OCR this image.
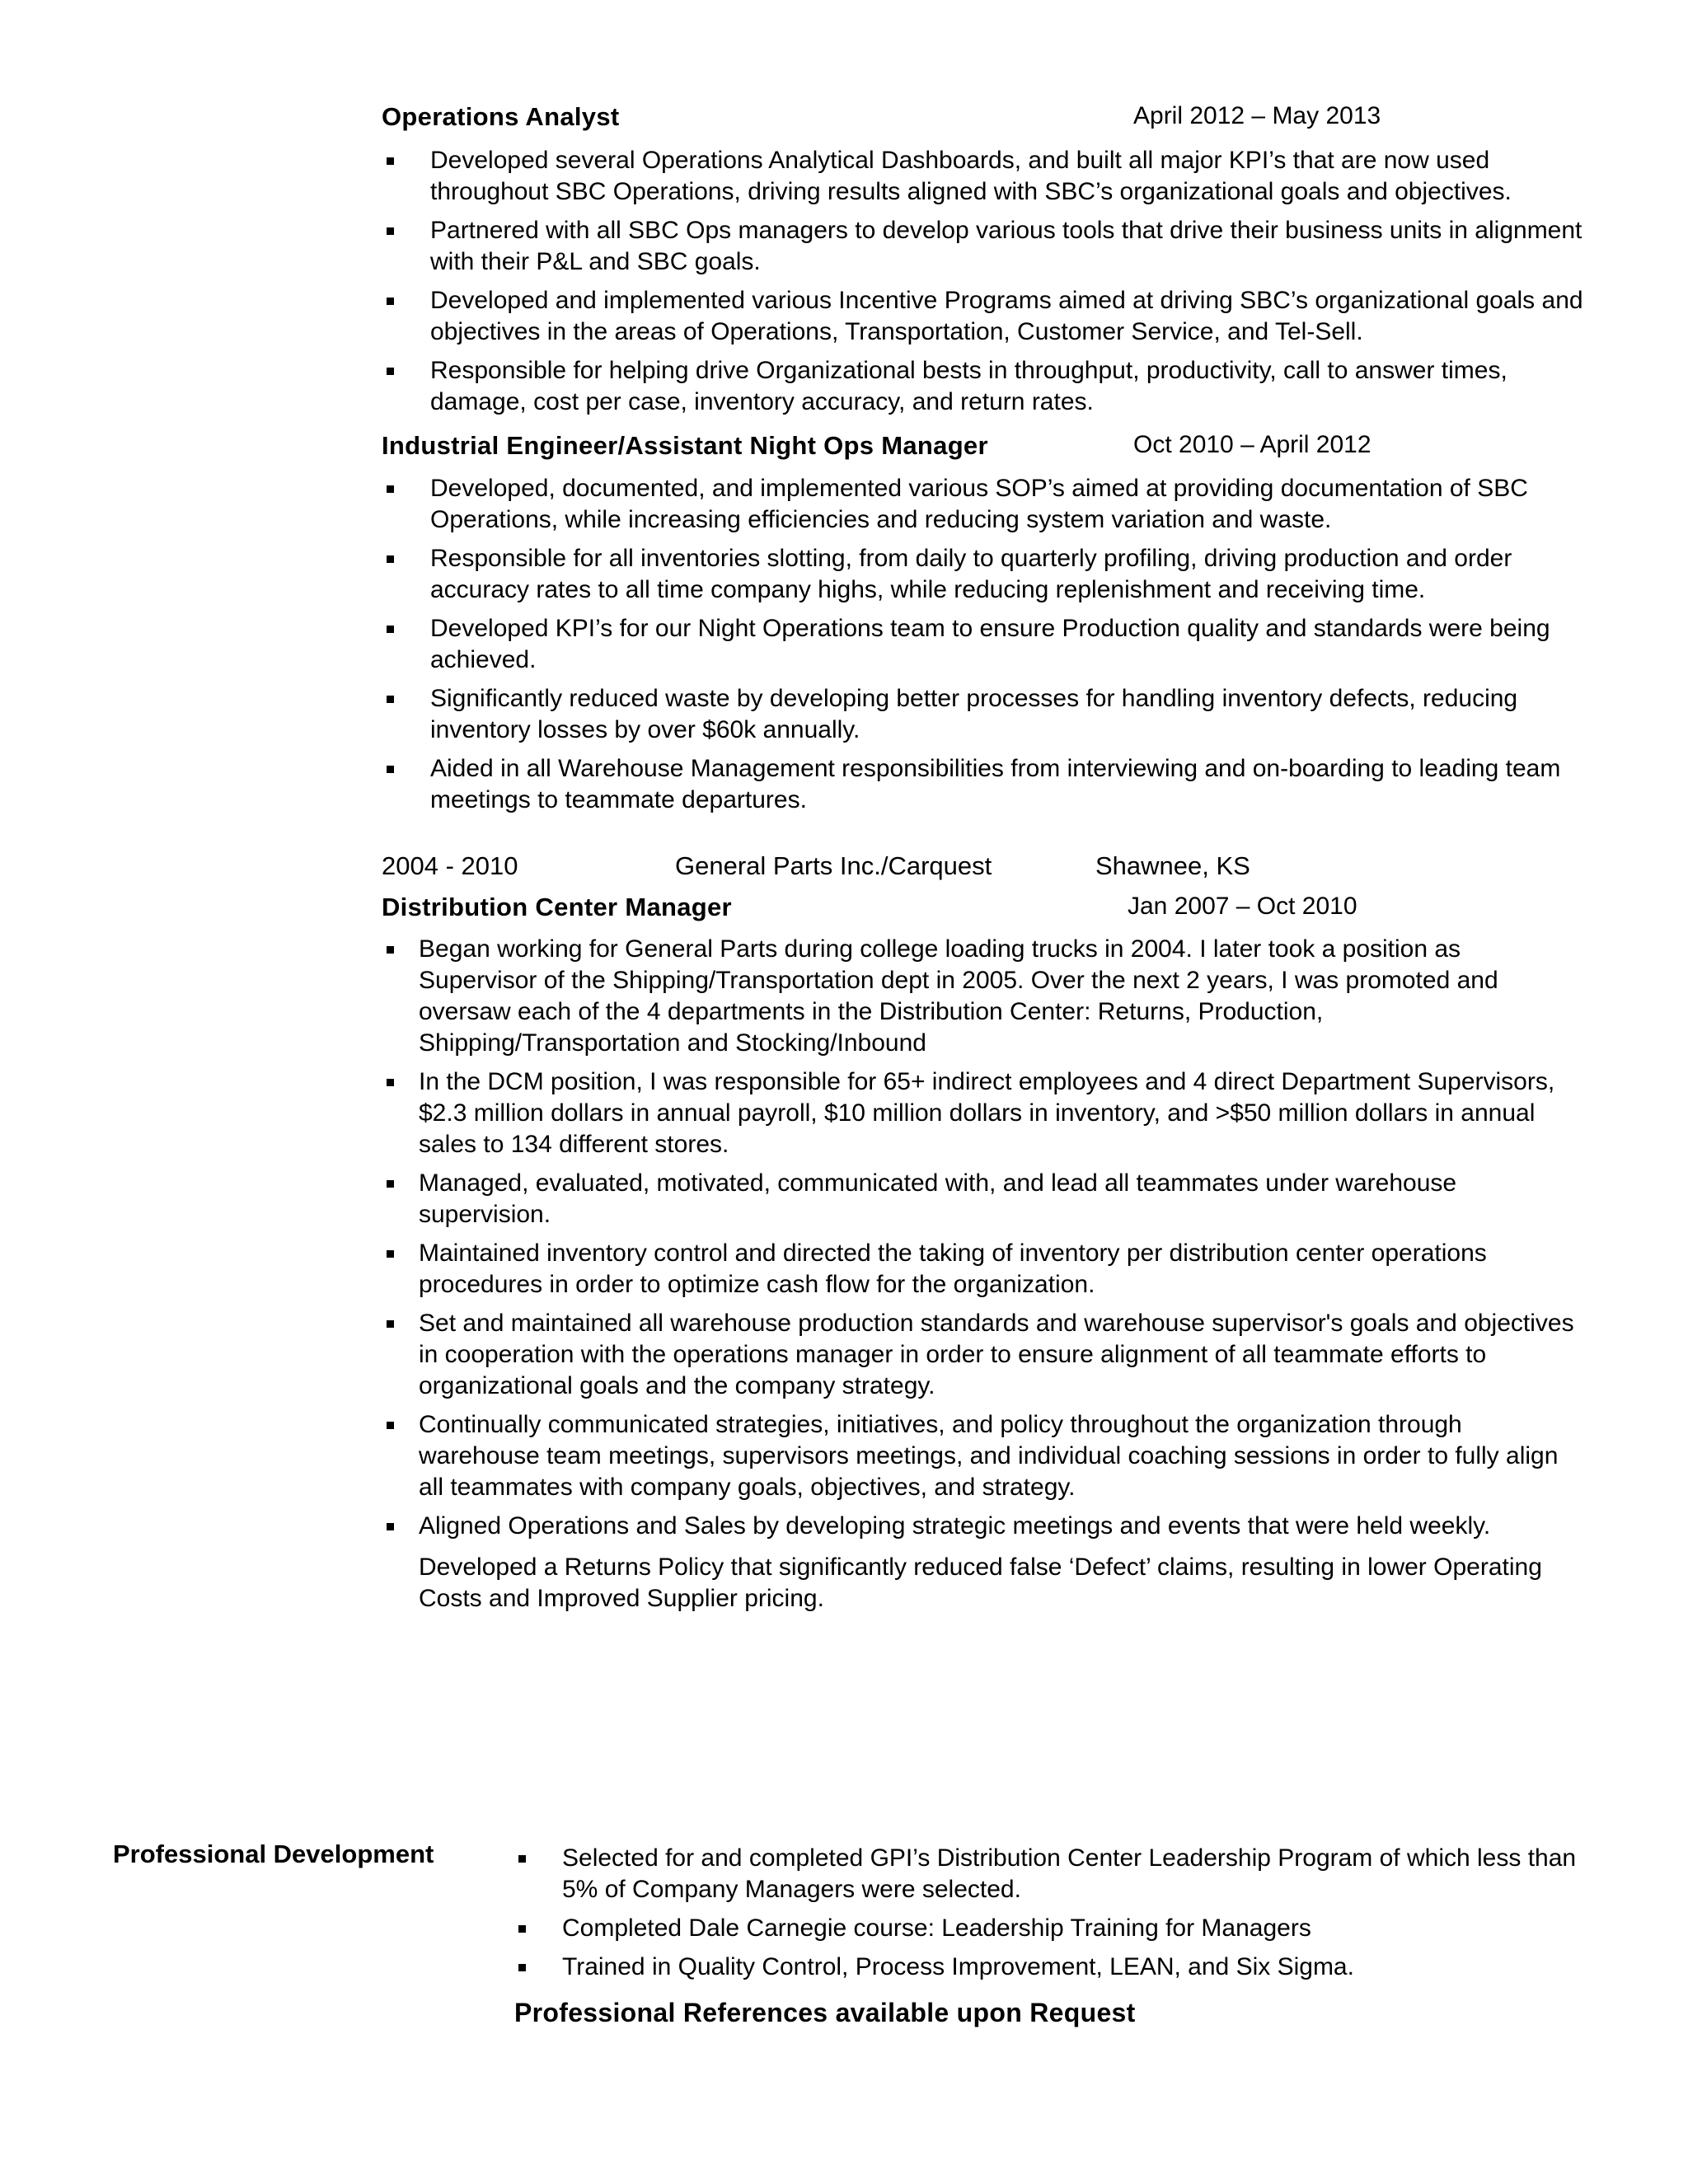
Operations Analyst	April 2012 – May 2013
Developed several Operations Analytical Dashboards, and built all major KPI’s that are now used throughout SBC Operations, driving results aligned with SBC’s organizational goals and objectives.
Partnered with all SBC Ops managers to develop various tools that drive their business units in alignment with their P&L and SBC goals.
Developed and implemented various Incentive Programs aimed at driving SBC’s organizational goals and objectives in the areas of Operations, Transportation, Customer Service, and Tel-Sell.
Responsible for helping drive Organizational bests in throughput, productivity, call to answer times, damage, cost per case, inventory accuracy, and return rates.
Industrial Engineer/Assistant Night Ops Manager	Oct 2010 – April 2012
Developed, documented, and implemented various SOP’s aimed at providing documentation of SBC Operations, while increasing efficiencies and reducing system variation and waste.
Responsible for all inventories slotting, from daily to quarterly profiling, driving production and order accuracy rates to all time company highs, while reducing replenishment and receiving time.
Developed KPI’s for our Night Operations team to ensure Production quality and standards were being achieved.
Significantly reduced waste by developing better processes for handling inventory defects, reducing inventory losses by over $60k annually.
Aided in all Warehouse Management responsibilities from interviewing and on-boarding to leading team meetings to teammate departures.
2004 - 2010	General Parts Inc./Carquest	Shawnee, KS
Distribution Center Manager	Jan 2007 – Oct 2010
Began working for General Parts during college loading trucks in 2004. I later took a position as Supervisor of the Shipping/Transportation dept in 2005. Over the next 2 years, I was promoted and oversaw each of the 4 departments in the Distribution Center: Returns, Production, Shipping/Transportation and Stocking/Inbound
In the DCM position, I was responsible for 65+ indirect employees and 4 direct Department Supervisors, $2.3 million dollars in annual payroll, $10 million dollars in inventory, and >$50 million dollars in annual sales to 134 different stores.
Managed, evaluated, motivated, communicated with, and lead all teammates under warehouse supervision.
Maintained inventory control and directed the taking of inventory per distribution center operations procedures in order to optimize cash flow for the organization.
Set and maintained all warehouse production standards and warehouse supervisor's goals and objectives in cooperation with the operations manager in order to ensure alignment of all teammate efforts to organizational goals and the company strategy.
Continually communicated strategies, initiatives, and policy throughout the organization through warehouse team meetings, supervisors meetings, and individual coaching sessions in order to fully align all teammates with company goals, objectives, and strategy.
Aligned Operations and Sales by developing strategic meetings and events that were held weekly.
Developed a Returns Policy that significantly reduced false ‘Defect’ claims, resulting in lower Operating Costs and Improved Supplier pricing.
Professional Development	Selected for and completed GPI’s Distribution Center Leadership Program of which less than 5% of Company Managers were selected.
Completed Dale Carnegie course: Leadership Training for Managers
Trained in Quality Control, Process Improvement, LEAN, and Six Sigma.
Professional References available upon Request
